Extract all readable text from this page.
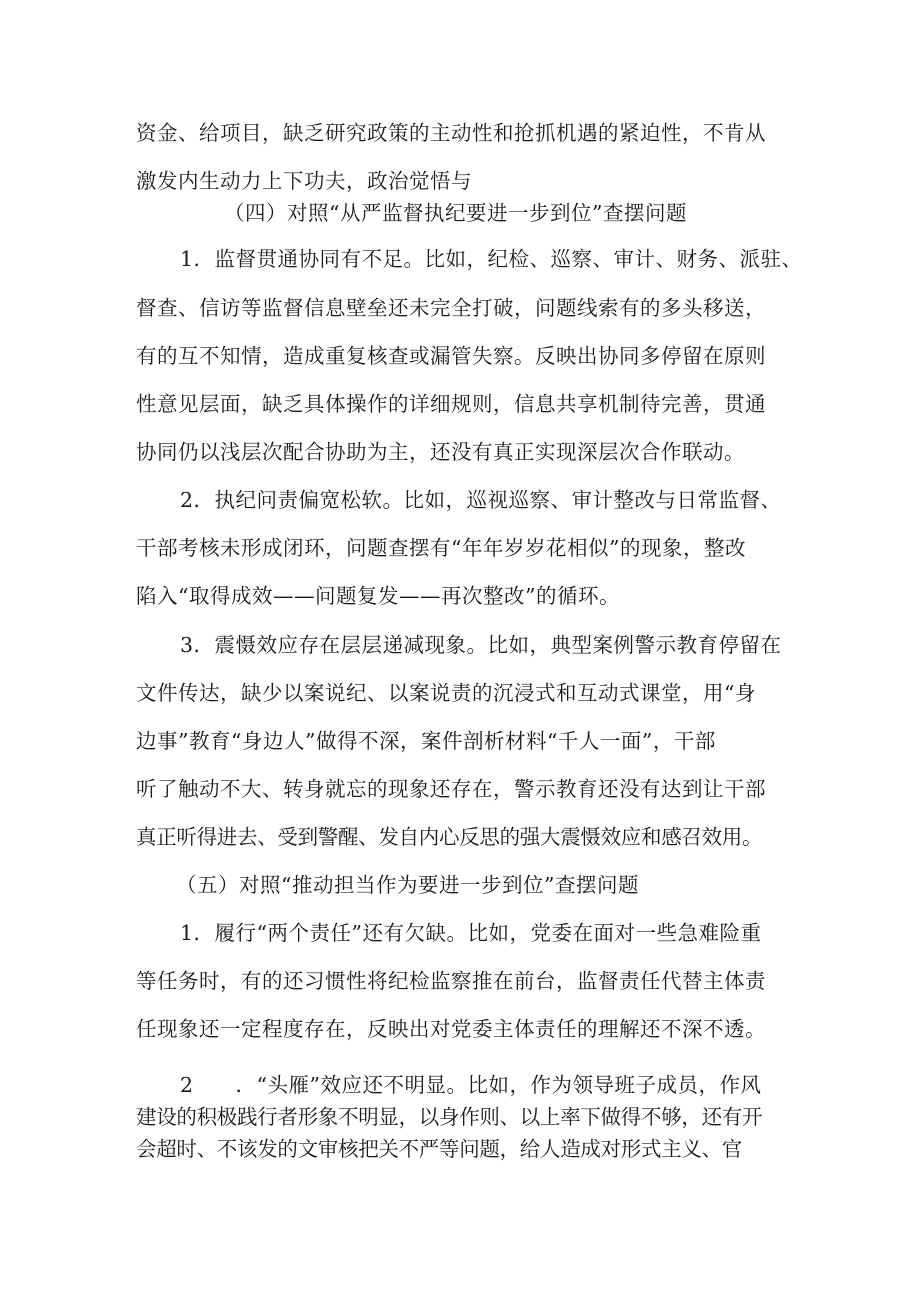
资金、给项目，缺乏研究政策的主动性和抢抓机遇的紧迫性，不肯从
激发内生动力上下功夫，政治觉悟与
（四）对照“从严监督执纪要进一步到位”查摆问题
1．监督贯通协同有不足。比如，纪检、巡察、审计、财务、派驻、
督查、信访等监督信息壁垒还未完全打破，问题线索有的多头移送，
有的互不知情，造成重复核查或漏管失察。反映出协同多停留在原则
性意见层面，缺乏具体操作的详细规则，信息共享机制待完善，贯通
协同仍以浅层次配合协助为主，还没有真正实现深层次合作联动。
2．执纪问责偏宽松软。比如，巡视巡察、审计整改与日常监督、
干部考核未形成闭环，问题查摆有“年年岁岁花相似”的现象，整改
陷入“取得成效——问题复发——再次整改”的循环。
3．震慑效应存在层层递减现象。比如，典型案例警示教育停留在
文件传达，缺少以案说纪、以案说责的沉浸式和互动式课堂，用“身
边事”教育“身边人”做得不深，案件剖析材料“千人一面”，干部
听了触动不大、转身就忘的现象还存在，警示教育还没有达到让干部
真正听得进去、受到警醒、发自内心反思的强大震慑效应和感召效用。
（五）对照“推动担当作为要进一步到位”查摆问题
1．履行“两个责任”还有欠缺。比如，党委在面对一些急难险重
等任务时，有的还习惯性将纪检监察推在前台，监督责任代替主体责
任现象还一定程度存在，反映出对党委主体责任的理解还不深不透。
2　　．“头雁”效应还不明显。比如，作为领导班子成员，作风
建设的积极践行者形象不明显，以身作则、以上率下做得不够，还有开
会超时、不该发的文审核把关不严等问题，给人造成对形式主义、官
